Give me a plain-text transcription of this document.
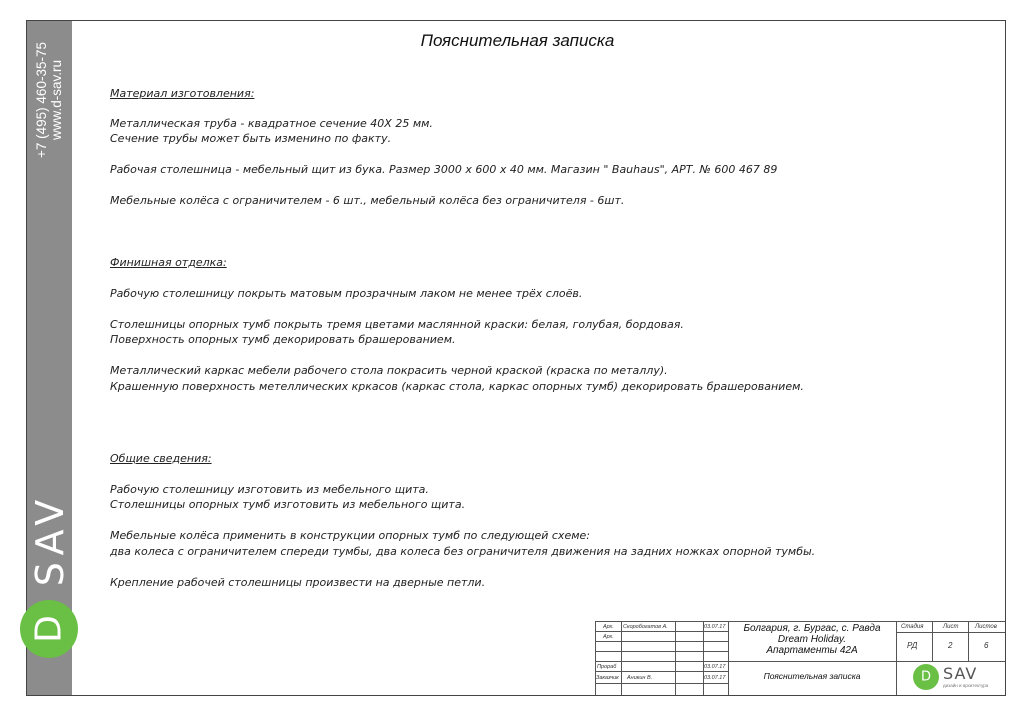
+7 (495) 460-35-75 www.d-sav.ru
SAV
D
Пояснительная записка
Материал изготовления:
Металлическая труба - квадратное сечение 40Х 25 мм.
Сечение трубы может быть изменино по факту.
Рабочая столешница - мебельный щит из бука. Размер 3000 х 600 х 40 мм. Магазин " Bauhaus", АРТ. № 600 467 89
Мебельные колёса с ограничителем - 6 шт., мебельный колёса без ограничителя - 6шт.
Финишная отделка:
Рабочую столешницу покрыть матовым прозрачным лаком не менее трёх слоёв.
Столешницы опорных тумб покрыть тремя цветами маслянной краски: белая, голубая, бордовая.
Поверхность опорных тумб декорировать брашерованием.
Металлический каркас мебели рабочего стола покрасить черной краской (краска по металлу).
Крашенную поверхность метеллических кркасов (каркас стола, каркас опорных тумб) декорировать брашерованием.
Общие сведения:
Рабочую столешницу изготовить из мебельного щита.
Столешницы опорных тумб изготовить из мебельного щита.
Мебельные колёса применить в конструкции опорных тумб по следующей схеме:
два колеса с ограничителем спереди тумбы, два колеса без ограничителя движения на задних ножках опорной тумбы.
Крепление рабочей столешницы произвести на дверные петли.
Арх. Скоробогатов А.	03.07.17
Арх.
Прораб	03.07.17
Заказчик Аникин В.	03.07.17
Болгария, г. Бургас, с. Равда
Dream Holiday.
Апартаменты 42А
Пояснительная записка
Стадия	Лист	Листов
РД	2	6
D SAV
дизайн и архитектура
